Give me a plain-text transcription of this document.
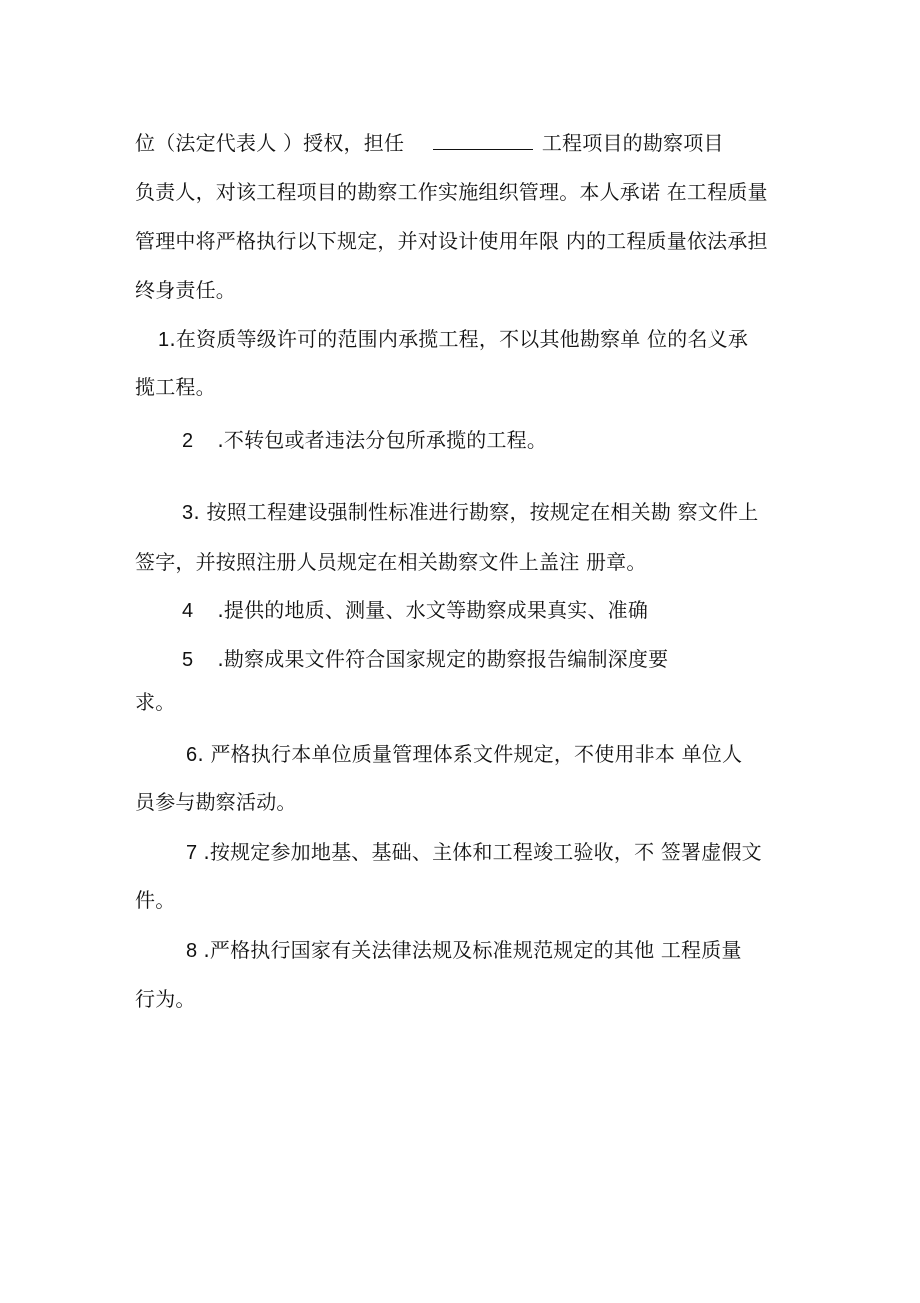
位（法定代表人 ）授权，担任	工程项目的勘察项目
负责人，对该工程项目的勘察工作实施组织管理。本人承诺 在工程质量
管理中将严格执行以下规定，并对设计使用年限 内的工程质量依法承担
终身责任。
1.在资质等级许可的范围内承揽工程，不以其他勘察单 位的名义承
揽工程。
2 .不转包或者违法分包所承揽的工程。
3. 按照工程建设强制性标准进行勘察，按规定在相关勘 察文件上
签字，并按照注册人员规定在相关勘察文件上盖注 册章。
4 .提供的地质、测量、水文等勘察成果真实、准确
5 .勘察成果文件符合国家规定的勘察报告编制深度要
求。
6. 严格执行本单位质量管理体系文件规定，不使用非本 单位人
员参与勘察活动。
7 .按规定参加地基、基础、主体和工程竣工验收，不 签署虚假文
件。
8 .严格执行国家有关法律法规及标准规范规定的其他 工程质量
行为。
